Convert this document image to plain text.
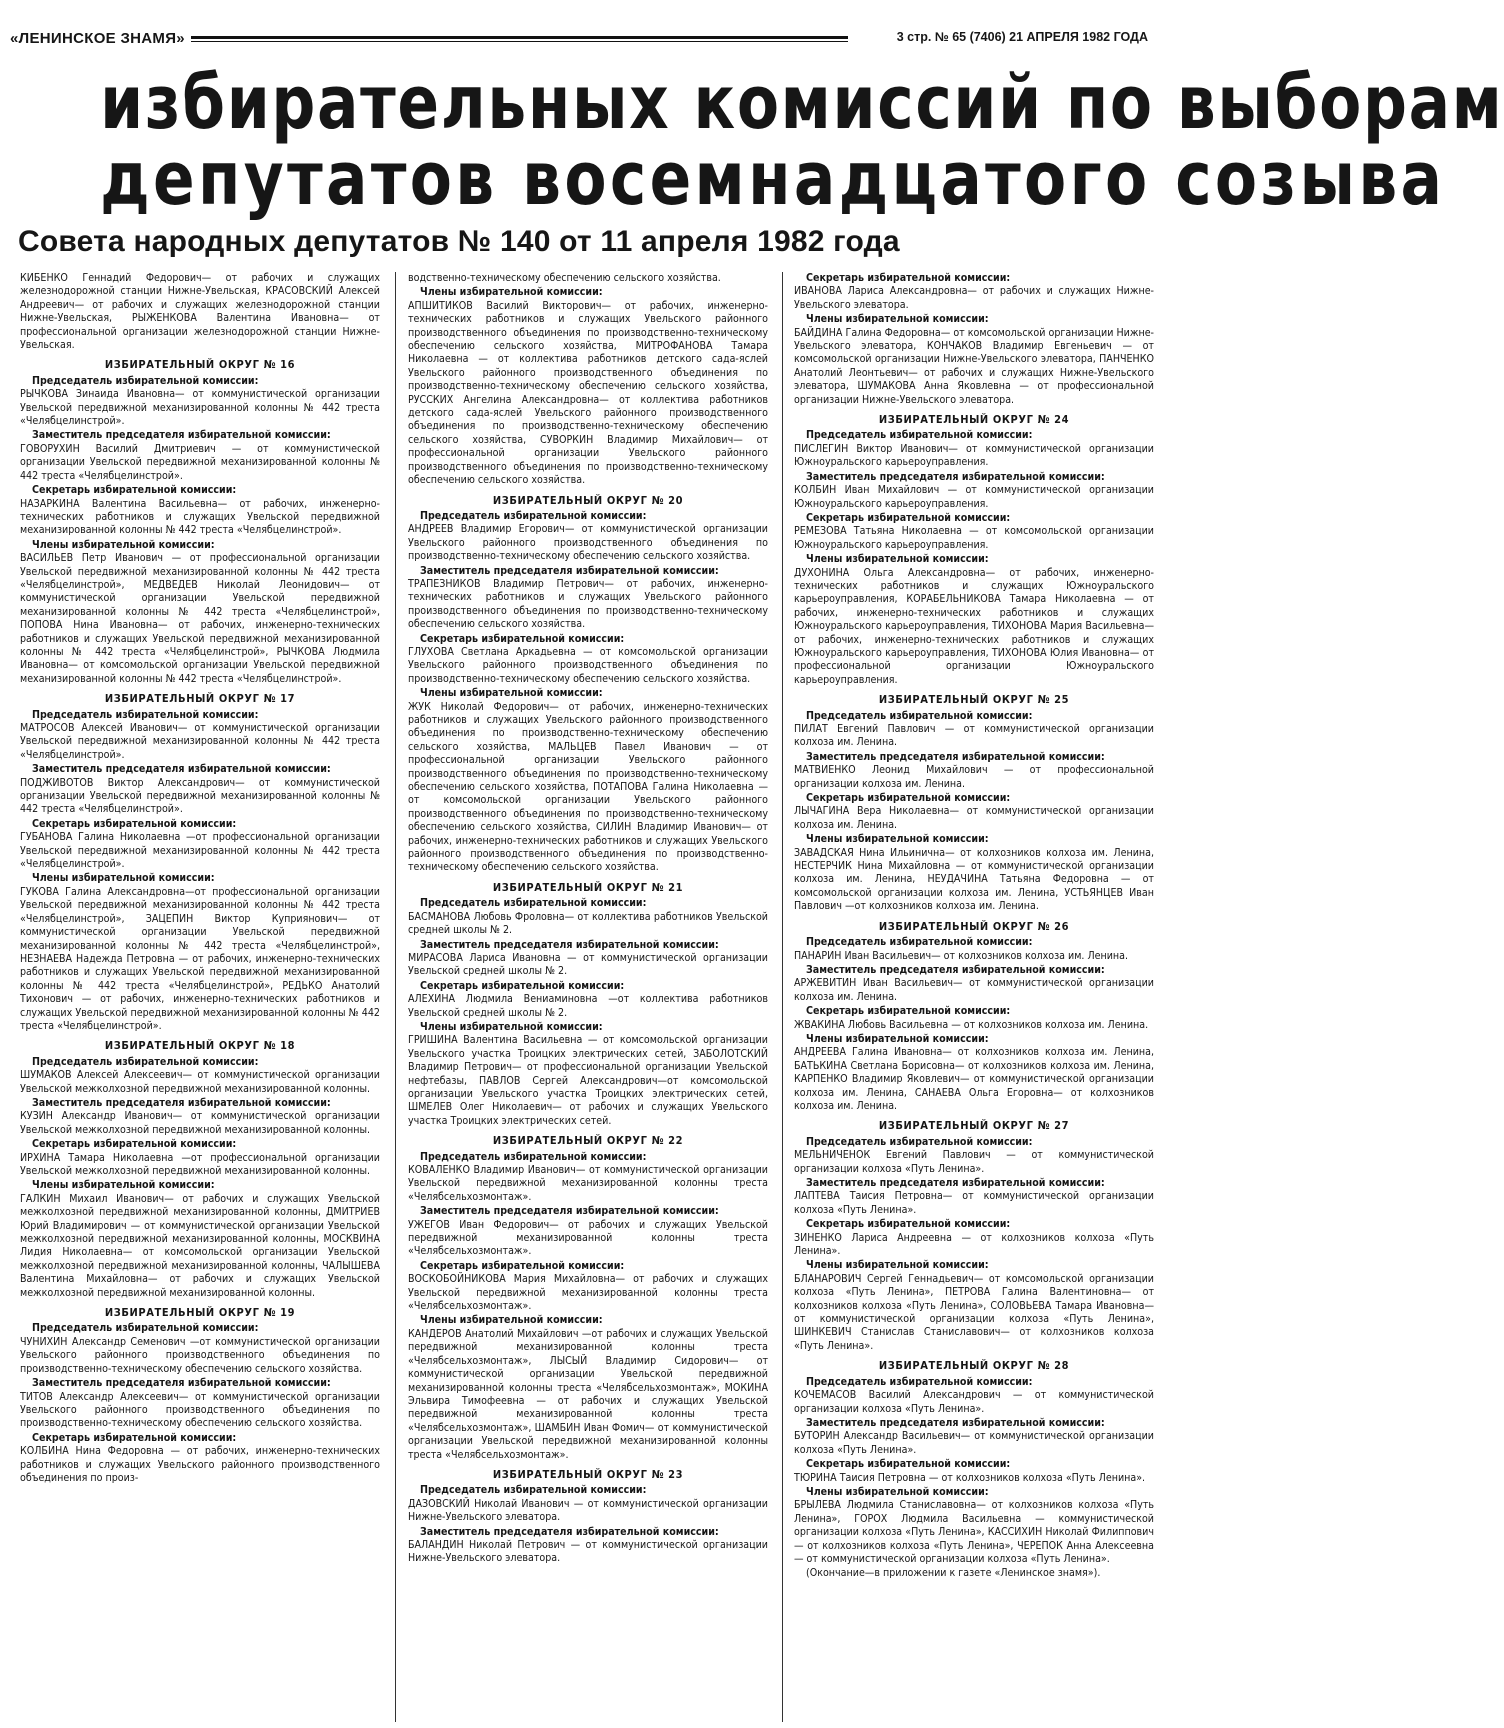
«ЛЕНИНСКОЕ ЗНАМЯ»	3 стр. № 65 (7406) 21 АПРЕЛЯ 1982 ГОДА
избирательных комиссий по выборам
депутатов восемнадцатого созыва
Совета народных депутатов № 140 от 11 апреля 1982 года

КИБЕНКО Геннадий Федорович— от рабочих и служащих железнодорожной станции Нижне-Увельская, КРАСОВСКИЙ Алексей Андреевич— от рабочих и служащих железнодорожной станции Нижне-Увельская, РЫЖЕНКОВА Валентина Ивановна— от профессиональной организации железнодорожной станции Нижне-Увельская.

ИЗБИРАТЕЛЬНЫЙ ОКРУГ № 16
Председатель избирательной комиссии:

РЫЧКОВА Зинаида Ивановна— от коммунистической организации Увельской передвижной механизированной колонны № 442 треста «Челябцелинстрой».

Заместитель председателя избирательной комиссии:

ГОВОРУХИН Василий Дмитриевич — от коммунистической организации Увельской передвижной механизированной колонны № 442 треста «Челябцелинстрой».

Секретарь избирательной комиссии:

НАЗАРКИНА Валентина Васильевна— от рабочих, инженерно-технических работников и служащих Увельской передвижной механизированной колонны № 442 треста «Челябцелинстрой».

Члены избирательной комиссии:

ВАСИЛЬЕВ Петр Иванович — от профессиональной организации Увельской передвижной механизированной колонны № 442 треста «Челябцелинстрой», МЕДВЕДЕВ Николай Леонидович— от коммунистической организации Увельской передвижной механизированной колонны № 442 треста «Челябцелинстрой», ПОПОВА Нина Ивановна— от рабочих, инженерно-технических работников и служащих Увельской передвижной механизированной колонны № 442 треста «Челябцелинстрой», РЫЧКОВА Людмила Ивановна— от комсомольской организации Увельской передвижной механизированной колонны № 442 треста «Челябцелинстрой».

ИЗБИРАТЕЛЬНЫЙ ОКРУГ № 17
Председатель избирательной комиссии:

МАТРОСОВ Алексей Иванович— от коммунистической организации Увельской передвижной механизированной колонны № 442 треста «Челябцелинстрой».

Заместитель председателя избирательной комиссии:

ПОДЖИВОТОВ Виктор Александрович— от коммунистической организации Увельской передвижной механизированной колонны № 442 треста «Челябцелинстрой».

Секретарь избирательной комиссии:

ГУБАНОВА Галина Николаевна —от профессиональной организации Увельской передвижной механизированной колонны № 442 треста «Челябцелинстрой».

Члены избирательной комиссии:

ГУКОВА Галина Александровна—от профессиональной организации Увельской передвижной механизированной колонны № 442 треста «Челябцелинстрой», ЗАЦЕПИН Виктор Куприянович— от коммунистической организации Увельской передвижной механизированной колонны № 442 треста «Челябцелинстрой», НЕЗНАЕВА Надежда Петровна — от рабочих, инженерно-технических работников и служащих Увельской передвижной механизированной колонны № 442 треста «Челябцелинстрой», РЕДЬКО Анатолий Тихонович — от рабочих, инженерно-технических работников и служащих Увельской передвижной механизированной колонны № 442 треста «Челябцелинстрой».

ИЗБИРАТЕЛЬНЫЙ ОКРУГ № 18
Председатель избирательной комиссии:

ШУМАКОВ Алексей Алексеевич— от коммунистической организации Увельской межколхозной передвижной механизированной колонны.

Заместитель председателя избирательной комиссии:

КУЗИН Александр Иванович— от коммунистической организации Увельской межколхозной передвижной механизированной колонны.

Секретарь избирательной комиссии:

ИРХИНА Тамара Николаевна —от профессиональной организации Увельской межколхозной передвижной механизированной колонны.

Члены избирательной комиссии:

ГАЛКИН Михаил Иванович— от рабочих и служащих Увельской межколхозной передвижной механизированной колонны, ДМИТРИЕВ Юрий Владимирович — от коммунистической организации Увельской межколхозной передвижной механизированной колонны, МОСКВИНА Лидия Николаевна— от комсомольской организации Увельской межколхозной передвижной механизированной колонны, ЧАЛЫШЕВА Валентина Михайловна— от рабочих и служащих Увельской межколхозной передвижной механизированной колонны.

ИЗБИРАТЕЛЬНЫЙ ОКРУГ № 19
Председатель избирательной комиссии:

ЧУНИХИН Александр Семенович —от коммунистической организации Увельского районного производственного объединения по производственно-техническому обеспечению сельского хозяйства.

Заместитель председателя избирательной комиссии:

ТИТОВ Александр Алексеевич— от коммунистической организации Увельского районного производственного объединения по производственно-техническому обеспечению сельского хозяйства.

Секретарь избирательной комиссии:

КОЛБИНА Нина Федоровна — от рабочих, инженерно-технических работников и служащих Увельского районного производственного объединения по произ-

водственно-техническому обеспечению сельского хозяйства.

Члены избирательной комиссии:

АПШИТИКОВ Василий Викторович— от рабочих, инженерно-технических работников и служащих Увельского районного производственного объединения по производственно-техническому обеспечению сельского хозяйства, МИТРОФАНОВА Тамара Николаевна — от коллектива работников детского сада-яслей Увельского районного производственного объединения по производственно-техническому обеспечению сельского хозяйства, РУССКИХ Ангелина Александровна— от коллектива работников детского сада-яслей Увельского районного производственного объединения по производственно-техническому обеспечению сельского хозяйства, СУВОРКИН Владимир Михайлович— от профессиональной организации Увельского районного производственного объединения по производственно-техническому обеспечению сельского хозяйства.

ИЗБИРАТЕЛЬНЫЙ ОКРУГ № 20
Председатель избирательной комиссии:

АНДРЕЕВ Владимир Егорович— от коммунистической организации Увельского районного производственного объединения по производственно-техническому обеспечению сельского хозяйства.

Заместитель председателя избирательной комиссии:

ТРАПЕЗНИКОВ Владимир Петрович— от рабочих, инженерно-технических работников и служащих Увельского районного производственного объединения по производственно-техническому обеспечению сельского хозяйства.

Секретарь избирательной комиссии:

ГЛУХОВА Светлана Аркадьевна — от комсомольской организации Увельского районного производственного объединения по производственно-техническому обеспечению сельского хозяйства.

Члены избирательной комиссии:

ЖУК Николай Федорович— от рабочих, инженерно-технических работников и служащих Увельского районного производственного объединения по производственно-техническому обеспечению сельского хозяйства, МАЛЬЦЕВ Павел Иванович — от профессиональной организации Увельского районного производственного объединения по производственно-техническому обеспечению сельского хозяйства, ПОТАПОВА Галина Николаевна —от комсомольской организации Увельского районного производственного объединения по производственно-техническому обеспечению сельского хозяйства, СИЛИН Владимир Иванович— от рабочих, инженерно-технических работников и служащих Увельского районного производственного объединения по производственно-техническому обеспечению сельского хозяйства.

ИЗБИРАТЕЛЬНЫЙ ОКРУГ № 21
Председатель избирательной комиссии:

БАСМАНОВА Любовь Фроловна— от коллектива работников Увельской средней школы № 2.

Заместитель председателя избирательной комиссии:

МИРАСОВА Лариса Ивановна — от коммунистической организации Увельской средней школы № 2.

Секретарь избирательной комиссии:

АЛЕХИНА Людмила Вениаминовна —от коллектива работников Увельской средней школы № 2.

Члены избирательной комиссии:

ГРИШИНА Валентина Васильевна — от комсомольской организации Увельского участка Троицких электрических сетей, ЗАБОЛОТСКИЙ Владимир Петрович— от профессиональной организации Увельской нефтебазы, ПАВЛОВ Сергей Александрович—от комсомольской организации Увельского участка Троицких электрических сетей, ШМЕЛЕВ Олег Николаевич— от рабочих и служащих Увельского участка Троицких электрических сетей.

ИЗБИРАТЕЛЬНЫЙ ОКРУГ № 22
Председатель избирательной комиссии:

КОВАЛЕНКО Владимир Иванович— от коммунистической организации Увельской передвижной механизированной колонны треста «Челябсельхозмонтаж».

Заместитель председателя избирательной комиссии:

УЖЕГОВ Иван Федорович— от рабочих и служащих Увельской передвижной механизированной колонны треста «Челябсельхозмонтаж».

Секретарь избирательной комиссии:

ВОСКОБОЙНИКОВА Мария Михайловна— от рабочих и служащих Увельской передвижной механизированной колонны треста «Челябсельхозмонтаж».

Члены избирательной комиссии:

КАНДЕРОВ Анатолий Михайлович —от рабочих и служащих Увельской передвижной механизированной колонны треста «Челябсельхозмонтаж», ЛЫСЫЙ Владимир Сидорович— от коммунистической организации Увельской передвижной механизированной колонны треста «Челябсельхозмонтаж», МОКИНА Эльвира Тимофеевна — от рабочих и служащих Увельской передвижной механизированной колонны треста «Челябсельхозмонтаж», ШАМБИН Иван Фомич— от коммунистической организации Увельской передвижной механизированной колонны треста «Челябсельхозмонтаж».

ИЗБИРАТЕЛЬНЫЙ ОКРУГ № 23
Председатель избирательной комиссии:

ДАЗОВСКИЙ Николай Иванович — от коммунистической организации Нижне-Увельского элеватора.

Заместитель председателя избирательной комиссии:

БАЛАНДИН Николай Петрович — от коммунистической организации Нижне-Увельского элеватора.

Секретарь избирательной комиссии:

ИВАНОВА Лариса Александровна— от рабочих и служащих Нижне-Увельского элеватора.

Члены избирательной комиссии:

БАЙДИНА Галина Федоровна— от комсомольской организации Нижне-Увельского элеватора, КОНЧАКОВ Владимир Евгеньевич — от комсомольской организации Нижне-Увельского элеватора, ПАНЧЕНКО Анатолий Леонтьевич— от рабочих и служащих Нижне-Увельского элеватора, ШУМАКОВА Анна Яковлевна — от профессиональной организации Нижне-Увельского элеватора.

ИЗБИРАТЕЛЬНЫЙ ОКРУГ № 24
Председатель избирательной комиссии:

ПИСЛЕГИН Виктор Иванович— от коммунистической организации Южноуральского карьероуправления.

Заместитель председателя избирательной комиссии:

КОЛБИН Иван Михайлович — от коммунистической организации Южноуральского карьероуправления.

Секретарь избирательной комиссии:

РЕМЕЗОВА Татьяна Николаевна — от комсомольской организации Южноуральского карьероуправления.

Члены избирательной комиссии:

ДУХОНИНА Ольга Александровна— от рабочих, инженерно-технических работников и служащих Южноуральского карьероуправления, КОРАБЕЛЬНИКОВА Тамара Николаевна — от рабочих, инженерно-технических работников и служащих Южноуральского карьероуправления, ТИХОНОВА Мария Васильевна—от рабочих, инженерно-технических работников и служащих Южноуральского карьероуправления, ТИХОНОВА Юлия Ивановна— от профессиональной организации Южноуральского карьероуправления.

ИЗБИРАТЕЛЬНЫЙ ОКРУГ № 25
Председатель избирательной комиссии:

ПИЛАТ Евгений Павлович — от коммунистической организации колхоза им. Ленина.

Заместитель председателя избирательной комиссии:

МАТВИЕНКО Леонид Михайлович — от профессиональной организации колхоза им. Ленина.

Секретарь избирательной комиссии:

ЛЫЧАГИНА Вера Николаевна— от коммунистической организации колхоза им. Ленина.

Члены избирательной комиссии:

ЗАВАДСКАЯ Нина Ильинична— от колхозников колхоза им. Ленина, НЕСТЕРЧИК Нина Михайловна — от коммунистической организации колхоза им. Ленина, НЕУДАЧИНА Татьяна Федоровна — от комсомольской организации колхоза им. Ленина, УСТЬЯНЦЕВ Иван Павлович —от колхозников колхоза им. Ленина.

ИЗБИРАТЕЛЬНЫЙ ОКРУГ № 26
Председатель избирательной комиссии:

ПАНАРИН Иван Васильевич— от колхозников колхоза им. Ленина.

Заместитель председателя избирательной комиссии:

АРЖЕВИТИН Иван Васильевич— от коммунистической организации колхоза им. Ленина.

Секретарь избирательной комиссии:

ЖВАКИНА Любовь Васильевна — от колхозников колхоза им. Ленина.

Члены избирательной комиссии:

АНДРЕЕВА Галина Ивановна— от колхозников колхоза им. Ленина, БАТЬКИНА Светлана Борисовна— от колхозников колхоза им. Ленина, КАРПЕНКО Владимир Яковлевич— от коммунистической организации колхоза им. Ленина, САНАЕВА Ольга Егоровна— от колхозников колхоза им. Ленина.

ИЗБИРАТЕЛЬНЫЙ ОКРУГ № 27
Председатель избирательной комиссии:

МЕЛЬНИЧЕНОК Евгений Павлович — от коммунистической организации колхоза «Путь Ленина».

Заместитель председателя избирательной комиссии:

ЛАПТЕВА Таисия Петровна— от коммунистической организации колхоза «Путь Ленина».

Секретарь избирательной комиссии:

ЗИНЕНКО Лариса Андреевна — от колхозников колхоза «Путь Ленина».

Члены избирательной комиссии:

БЛАНАРОВИЧ Сергей Геннадьевич— от комсомольской организации колхоза «Путь Ленина», ПЕТРОВА Галина Валентиновна— от колхозников колхоза «Путь Ленина», СОЛОВЬЕВА Тамара Ивановна— от коммунистической организации колхоза «Путь Ленина», ШИНКЕВИЧ Станислав Станиславович— от колхозников колхоза «Путь Ленина».

ИЗБИРАТЕЛЬНЫЙ ОКРУГ № 28
Председатель избирательной комиссии:

КОЧЕМАСОВ Василий Александрович — от коммунистической организации колхоза «Путь Ленина».

Заместитель председателя избирательной комиссии:

БУТОРИН Александр Васильевич— от коммунистической организации колхоза «Путь Ленина».

Секретарь избирательной комиссии:

ТЮРИНА Таисия Петровна — от колхозников колхоза «Путь Ленина».

Члены избирательной комиссии:

БРЫЛЕВА Людмила Станиславовна— от колхозников колхоза «Путь Ленина», ГОРОХ Людмила Васильевна — коммунистической организации колхоза «Путь Ленина», КАССИХИН Николай Филиппович— от колхозников колхоза «Путь Ленина», ЧЕРЕПОК Анна Алексеевна — от коммунистической организации колхоза «Путь Ленина».

(Окончание—в приложении к газете «Ленинское знамя»).
